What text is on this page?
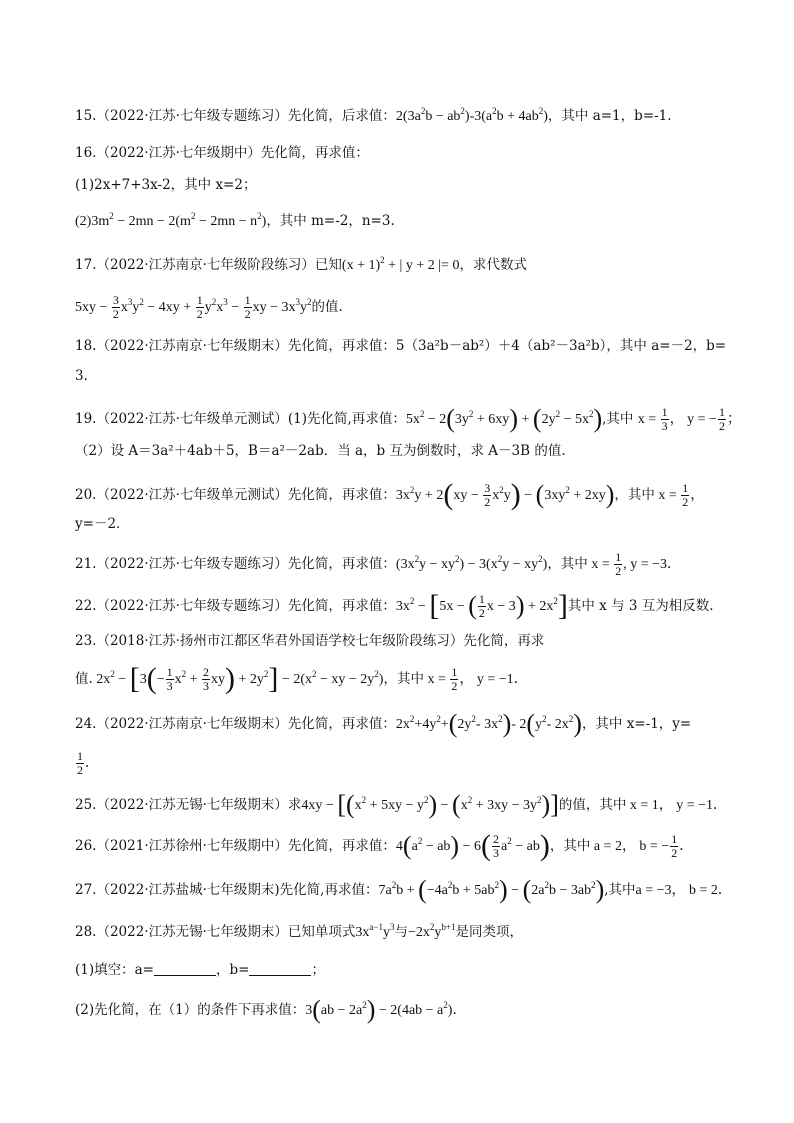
15.（2022·江苏·七年级专题练习）先化简，后求值：$2(3a^2b - ab^2)-3(a^2b + 4ab^2)$，其中 a=1，b=-1.
16.（2022·江苏·七年级期中）先化简，再求值：
(1)2x+7+3x-2，其中 x=2；
$(2)3m^2 - 2mn - 2(m^2 - 2mn - n^2)$，其中 m=-2，n=3.
17.（2022·江苏南京·七年级阶段练习）已知$(x + 1)^2$ + | y + 2 |= 0，求代数式
$5xy - \frac{3}{2} x^3y^2 - 4xy + \frac{1}{2} y^2x^3 - \frac{1}{2}$ xy − $3x^3y^2$的值.
18.（2022·江苏南京·七年级期末）先化简，再求值：5（3a²b－ab²）＋4（ab²－3a²b），其中 a=－2，b=
3.
19.（2022·江苏·七年级单元测试）(1)先化简,再求值：$5x^2 - 2(3y^2 + 6xy) + (2y^2 - 5x^2)$,其中 $x = \frac{1}{3}$ ， y = − $\frac{1}{2}$ ；
（2）设 A＝3a²＋4ab＋5，B＝a²－2ab．当 a，b 互为倒数时，求 A－3B 的值.
20.（2022·江苏·七年级单元测试）先化简，再求值：$3x^2y + 2(xy - \frac{3}{2} x^2y) - (3xy^2 + 2xy)$，其中 $x = \frac{1}{2}$ ，
y=－2．
21.（2022·江苏·七年级专题练习）先化简，再求值：$(3x^2y - xy^2) - 3(x^2y - xy^2)$，其中 $x = \frac{1}{2}$ , y = −3．
22.（2022·江苏·七年级专题练习）先化简，再求值：$3x^2 - [5x$ − ( $\frac{1}{2}$ $x - 3) + 2x^2$]其中 x 与 3 互为相反数.
23.（2018·江苏·扬州市江都区华君外国语学校七年级阶段练习）先化简，再求
值. $2x^2 - [3(- \frac{1}{3} x^2 + \frac{2}{3} xy) + 2y^2] - 2(x^2$ − xy − $2y^2$)，其中 $x = \frac{1}{2}$ ， y = −1．
24.（2022·江苏南京·七年级期末）先化简，再求值：$2x^2+4y^2+(2y^2-$ $3x^2)-$ $2(y^2-$ $2x^2$)，其中 x=-1，y=
$\frac{1}{2}$ .
25.（2022·江苏无锡·七年级期末）求$4xy - [(x^2 + 5xy - y^2) - (x^2 + 3xy - 3y^2)]$的值，其中 x = 1， y = −1．
26.（2021·江苏徐州·七年级期中）先化简，再求值：$4(a^2 - ab) - 6( \frac{2}{3} a^2 - ab)$，其中 a = 2， b = − $\frac{1}{2}$ ．
27.（2022·江苏盐城·七年级期末)先化简,再求值：$7a^2b + (-4a^2b + 5ab^2) - (2a^2b - 3ab^2)$,其中a = −3， b = 2．
28.（2022·江苏无锡·七年级期末）已知单项式$3x^{a-1}y^3$与$-2x^2y^{b+1}$是同类项，
(1)填空：a=	，b=	；
(2)先化简，在（1）的条件下再求值：$3(ab - 2a^2) - 2(4ab - a^2)$．
